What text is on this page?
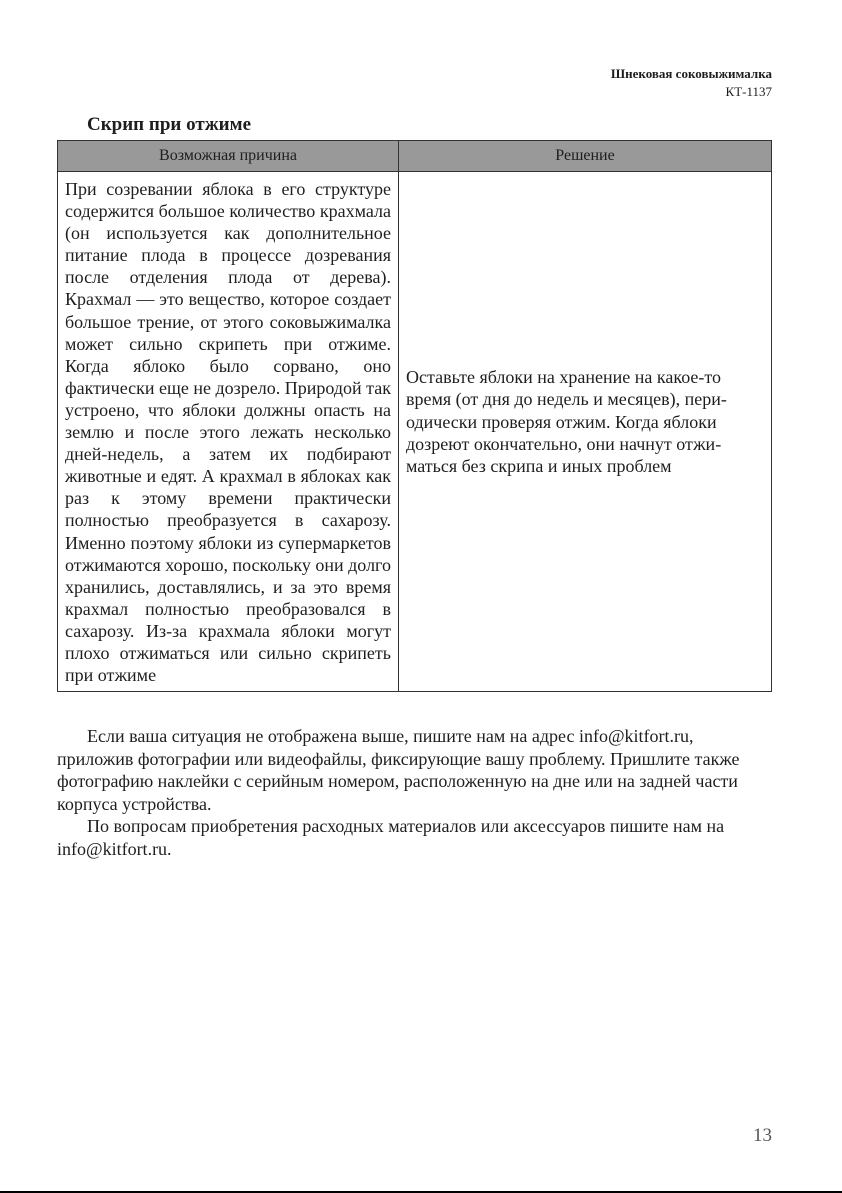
Шнековая соковыжималка
КТ-1137
Скрип при отжиме
Возможная причина	Решение
При созревании яблока в его структуре содержится большое количество крахмала (он используется как дополнительное питание плода в процессе дозревания после отделения плода от дерева). Крахмал — это вещество, которое создает большое трение, от этого соковыжималка может сильно скрипеть при отжиме. Когда яблоко было сорвано, оно фактически еще не дозрело. Природой так устроено, что яблоки должны опасть на землю и после этого лежать несколько дней-недель, а затем их подбирают животные и едят. А крахмал в яблоках как раз к этому времени практически полностью преобразуется в сахарозу. Именно поэтому яблоки из супермаркетов отжимаются хорошо, поскольку они долго хранились, доставлялись, и за это время крахмал полностью преобразовался в сахарозу. Из-за крахмала яблоки могут плохо отжиматься или сильно скрипеть при отжиме	Оставьте яблоки на хранение на какое-то время (от дня до недель и месяцев), периодически проверяя отжим. Когда яблоки дозреют окончательно, они начнут отжиматься без скрипа и иных проблем

Если ваша ситуация не отображена выше, пишите нам на адрес info@kitfort.ru, приложив фотографии или видеофайлы, фиксирующие вашу проблему. Пришлите также фотографию наклейки с серийным номером, расположенную на дне или на задней части корпуса устройства.

По вопросам приобретения расходных материалов или аксессуаров пишите нам на info@kitfort.ru.

13
